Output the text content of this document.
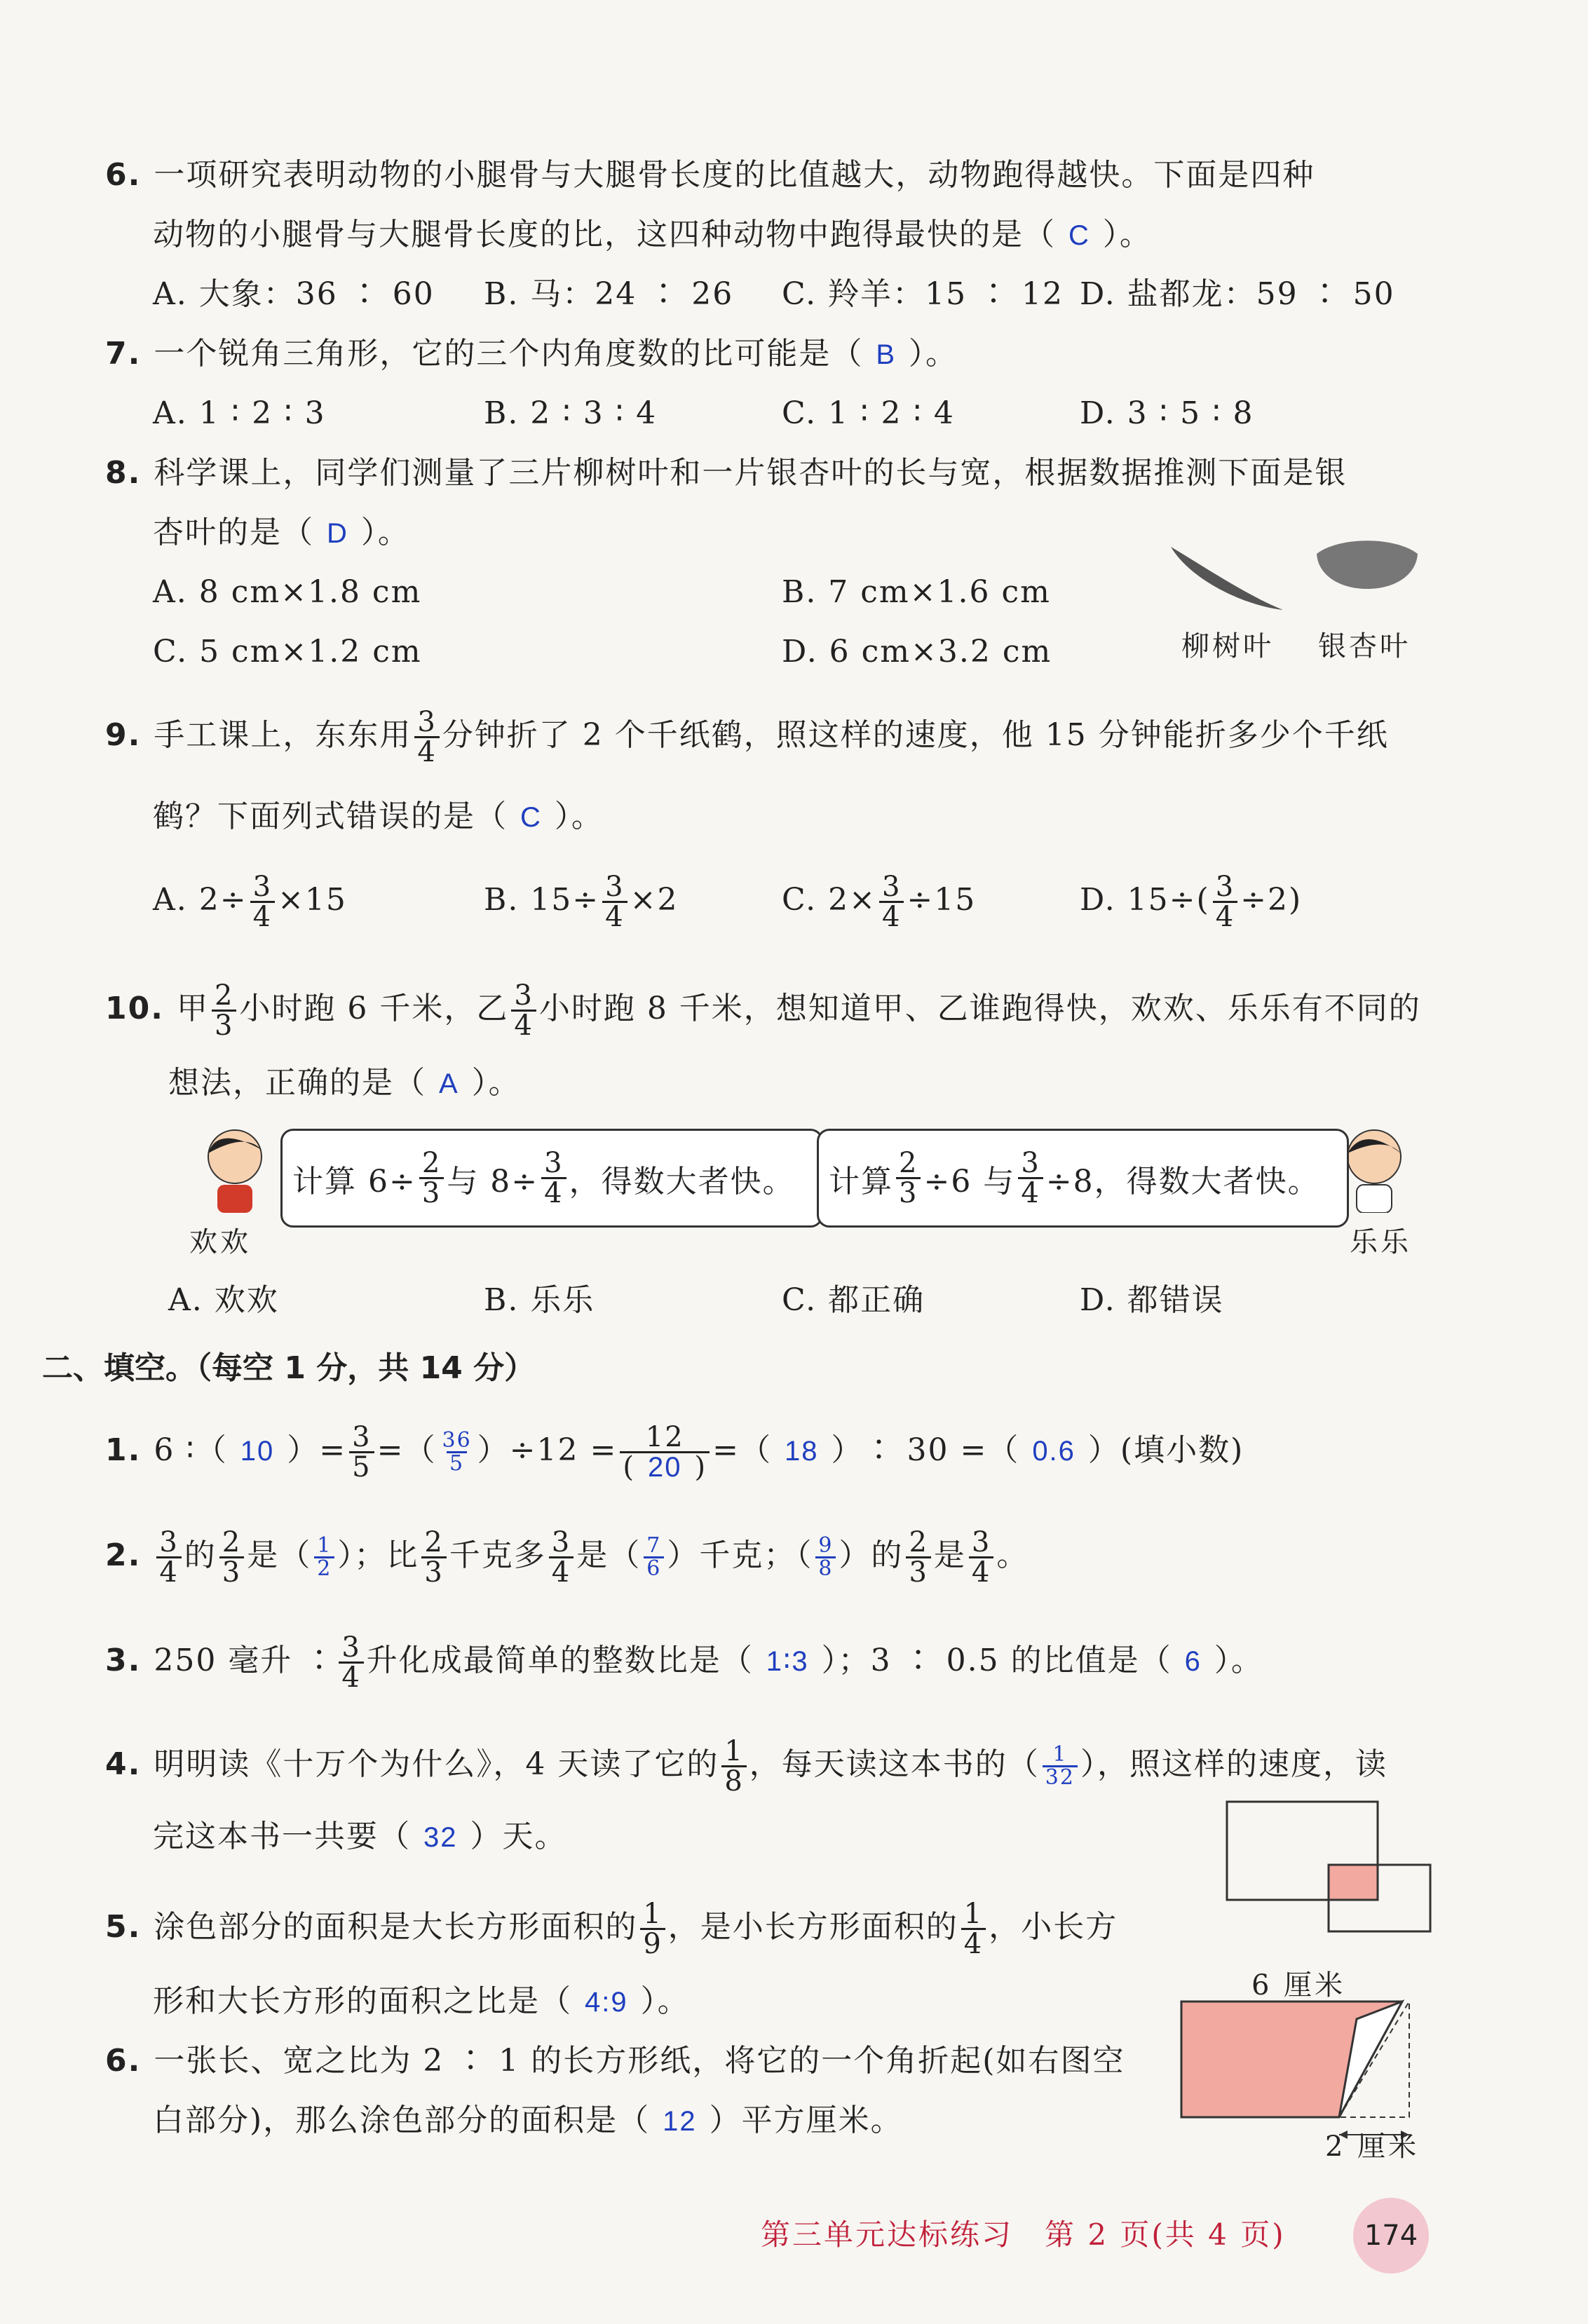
6. 一项研究表明动物的小腿骨与大腿骨长度的比值越大，动物跑得越快。下面是四种
动物的小腿骨与大腿骨长度的比，这四种动物中跑得最快的是（ C ）。
A. 大象：36 ∶ 60 B. 马：24 ∶ 26 C. 羚羊：15 ∶ 12 D. 盐都龙：59 ∶ 50
7. 一个锐角三角形，它的三个内角度数的比可能是（ B ）。
A. 1 ∶ 2 ∶ 3	B. 2 ∶ 3 ∶ 4	C. 1 ∶ 2 ∶ 4	D. 3 ∶ 5 ∶ 8
8. 科学课上，同学们测量了三片柳树叶和一片银杏叶的长与宽，根据数据推测下面是银
杏叶的是（ D ）。
A. 8 cm×1.8 cm	B. 7 cm×1.6 cm
C. 5 cm×1.2 cm	D. 6 cm×3.2 cm	柳树叶 银杏叶
9. 手工课上，东东用 $\frac{3}{4}$ 分钟折了 2 个千纸鹤，照这样的速度，他 15 分钟能折多少个千纸
鹤？下面列式错误的是（ C ）。
A. $2\div \frac{3}{4} \times 15$	B. $15\div \frac{3}{4} \times 2$	C. $2\times \frac{3}{4} \div 15$	D. $15\div( \frac{3}{4} \div 2)$
10. 甲 $\frac{2}{3}$ 小时跑 6 千米，乙 $\frac{3}{4}$ 小时跑 8 千米，想知道甲、乙谁跑得快，欢欢、乐乐有不同的
想法，正确的是（ A ）。
欢欢	乐乐
计算 $6\div \frac{2}{3}$ 与 $8\div \frac{3}{4}$ ，得数大者快。 计算 $\frac{2}{3} \div 6$ 与 $\frac{3}{4} \div 8$，得数大者快。
A. 欢欢	B. 乐乐	C. 都正确	D. 都错误
二、填空。（每空 1 分，共 14 分）
1. 6 ∶（ 10 ）= $\frac{3}{5}$ =（ $\frac{36}{5} )\div 12 = \frac{12}{( 20 )}$ =（ 18 ）∶ 30 =（ 0.6 ）(填小数)
2. $\frac{3}{4}$ 的 $\frac{2}{3}$ 是（ $\frac{1}{2}$ ）；比 $\frac{2}{3}$ 千克多 $\frac{3}{4}$ 是（ $\frac{7}{6}$ ）千克；（ $\frac{9}{8}$ ）的 $\frac{2}{3}$ 是 $\frac{3}{4}$ 。
3. 250 毫升 ∶ $\frac{3}{4}$ 升化成最简单的整数比是（ 1∶3 ）；3 ∶ 0.5 的比值是（ 6 ）。
4. 明明读《十万个为什么》，4 天读了它的 $\frac{1}{8}$ ，每天读这本书的（ $\frac{1}{32}$ ），照这样的速度，读
完这本书一共要（ 32 ）天。
5. 涂色部分的面积是大长方形面积的 $\frac{1}{9}$ ，是小长方形面积的 $\frac{1}{4}$ ，小长方
形和大长方形的面积之比是（ 4:9 ）。
6. 一张长、宽之比为 2 ∶ 1 的长方形纸，将它的一个角折起(如右图空
白部分)，那么涂色部分的面积是（ 12 ）平方厘米。
6 厘米
2 厘米
第三单元达标练习　第 2 页(共 4 页)	174
